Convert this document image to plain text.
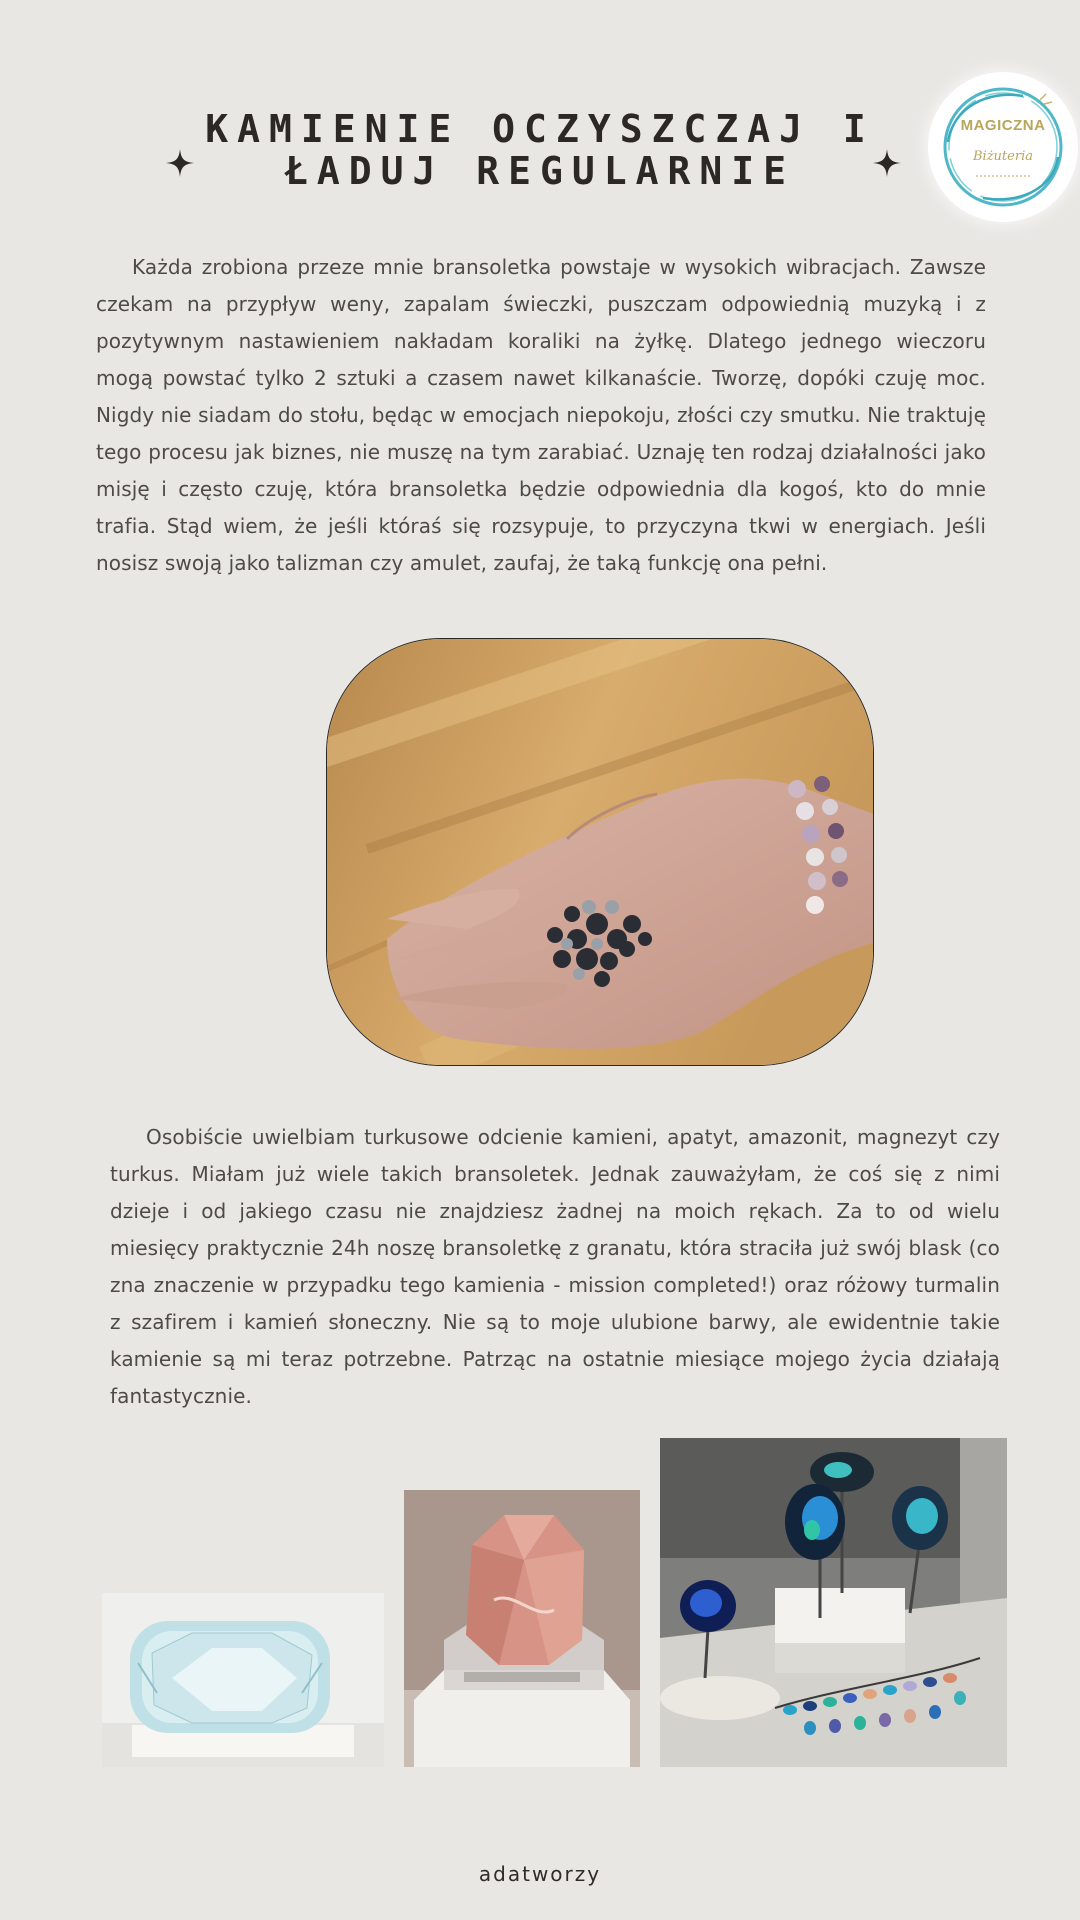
KAMIENIE OCZYSZCZAJ I ŁADUJ REGULARNIE
MAGICZNA
Biżuteria
Każda zrobiona przeze mnie bransoletka powstaje w wysokich wibracjach. Zawsze czekam na przypływ weny, zapalam świeczki, puszczam odpowiednią muzyką i z pozytywnym nastawieniem nakładam koraliki na żyłkę. Dlatego jednego wieczoru mogą powstać tylko 2 sztuki a czasem nawet kilkanaście. Tworzę, dopóki czuję moc. Nigdy nie siadam do stołu, będąc w emocjach niepokoju, złości czy smutku. Nie traktuję tego procesu jak biznes, nie muszę na tym zarabiać. Uznaję ten rodzaj działalności jako misję i często czuję, która bransoletka będzie odpowiednia dla kogoś, kto do mnie trafia. Stąd wiem, że jeśli któraś się rozsypuje, to przyczyna tkwi w energiach. Jeśli nosisz swoją jako talizman czy amulet, zaufaj, że taką funkcję ona pełni.
Osobiście uwielbiam turkusowe odcienie kamieni, apatyt, amazonit, magnezyt czy turkus. Miałam już wiele takich bransoletek. Jednak zauważyłam, że coś się z nimi dzieje i od jakiego czasu nie znajdziesz żadnej na moich rękach. Za to od wielu miesięcy praktycznie 24h noszę bransoletkę z granatu, która straciła już swój blask (co zna znaczenie w przypadku tego kamienia - mission completed!) oraz różowy turmalin z szafirem i kamień słoneczny. Nie są to moje ulubione barwy, ale ewidentnie takie kamienie są mi teraz potrzebne. Patrząc na ostatnie miesiące mojego życia działają fantastycznie.
adatworzy
